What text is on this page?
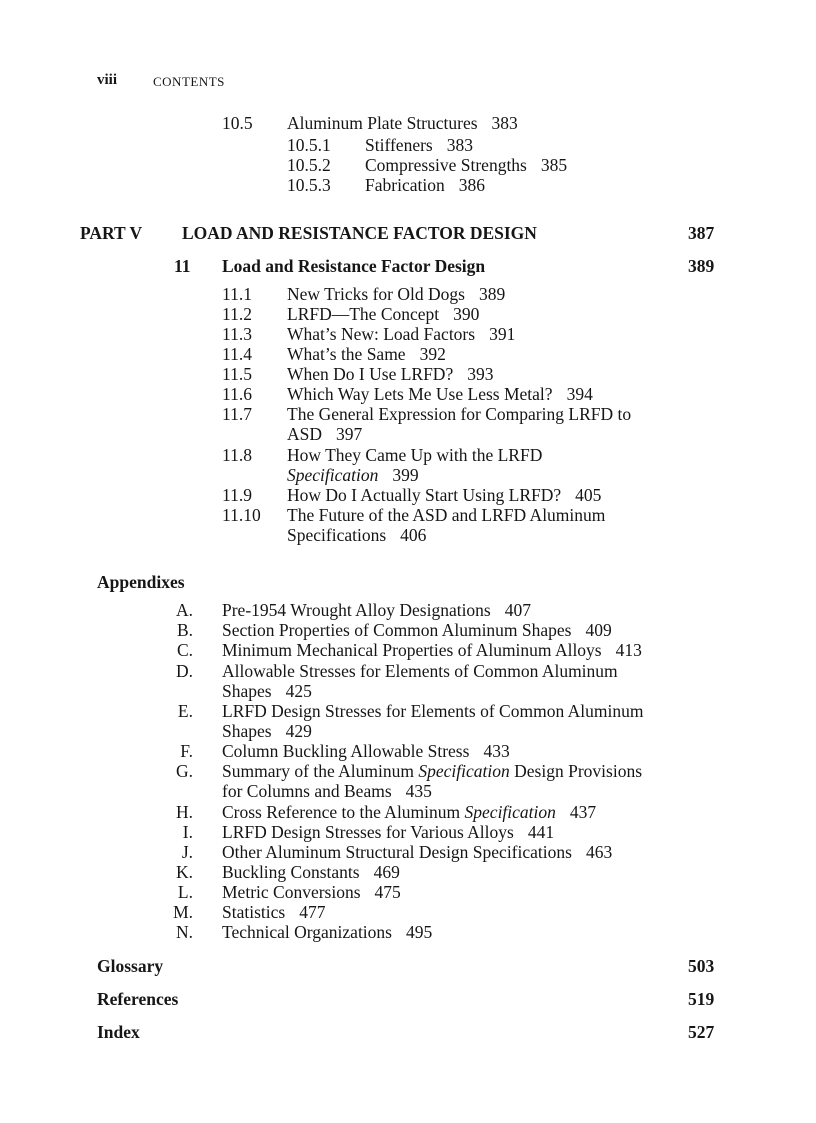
viii	CONTENTS
10.5 Aluminum Plate Structures 383
10.5.1 Stiffeners 383
10.5.2 Compressive Strengths 385
10.5.3 Fabrication 386
PART V LOAD AND RESISTANCE FACTOR DESIGN	387
11 Load and Resistance Factor Design	389
11.1 New Tricks for Old Dogs 389
11.2 LRFD—The Concept 390
11.3 What’s New: Load Factors 391
11.4 What’s the Same 392
11.5 When Do I Use LRFD? 393
11.6 Which Way Lets Me Use Less Metal? 394
11.7 The General Expression for Comparing LRFD to
ASD 397
11.8 How They Came Up with the LRFD
Specification 399
11.9 How Do I Actually Start Using LRFD? 405
11.10 The Future of the ASD and LRFD Aluminum
Specifications 406
Appendixes
A. Pre-1954 Wrought Alloy Designations 407
B. Section Properties of Common Aluminum Shapes 409
C. Minimum Mechanical Properties of Aluminum Alloys 413
D. Allowable Stresses for Elements of Common Aluminum
Shapes 425
E. LRFD Design Stresses for Elements of Common Aluminum
Shapes 429
F. Column Buckling Allowable Stress 433
G. Summary of the Aluminum Specification Design Provisions
for Columns and Beams 435
H. Cross Reference to the Aluminum Specification 437
I. LRFD Design Stresses for Various Alloys 441
J. Other Aluminum Structural Design Specifications 463
K. Buckling Constants 469
L. Metric Conversions 475
M. Statistics 477
N. Technical Organizations 495
Glossary	503
References	519
Index	527
